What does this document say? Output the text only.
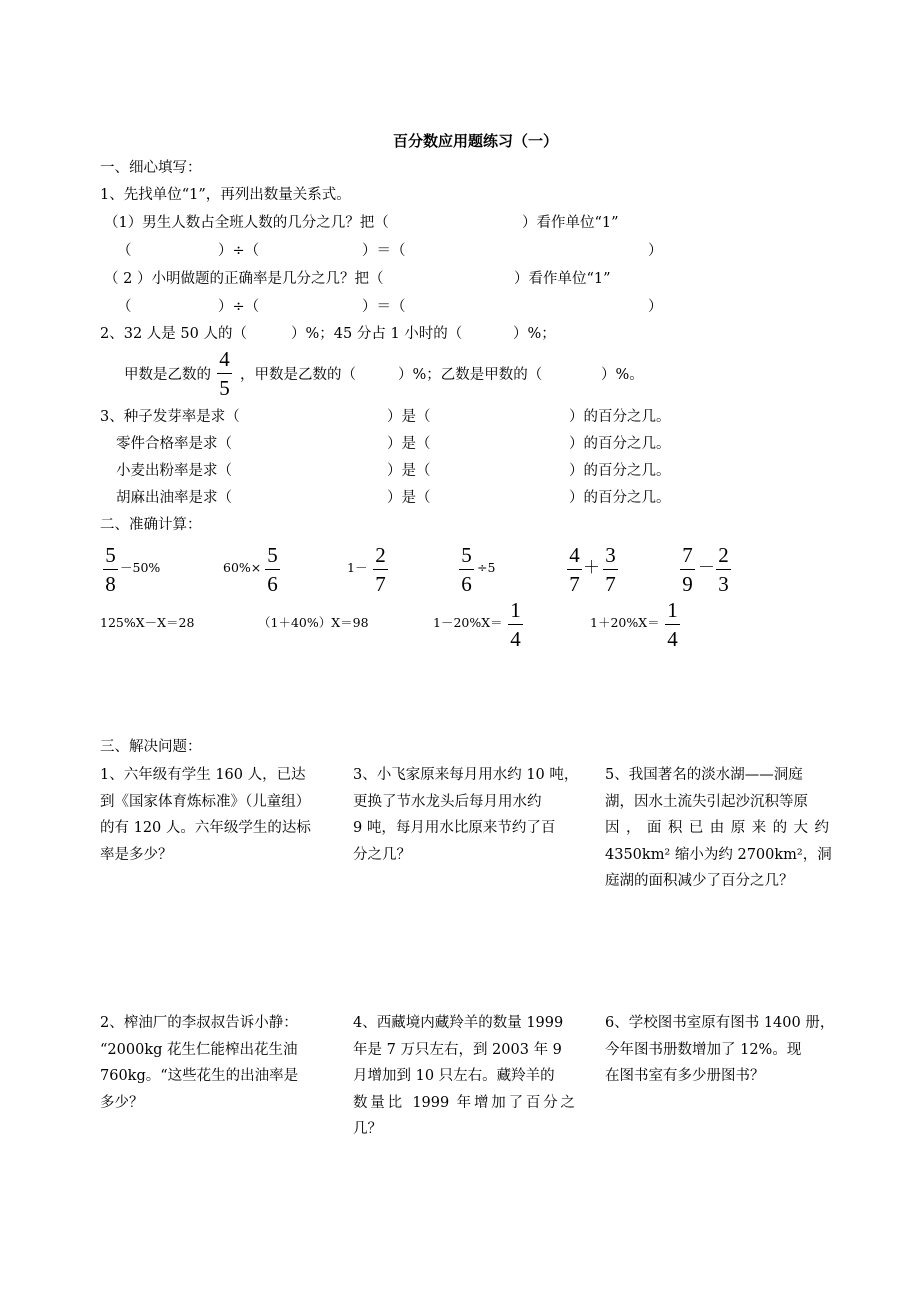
百分数应用题练习（一）
一、细心填写：
1、先找单位“1”，再列出数量关系式。
（1）男生人数占全班人数的几分之几？把（	）看作单位“1”
（	）÷（	）＝（	）
（ 2 ）小明做题的正确率是几分之几？把（	）看作单位“1”
（	）÷（	）＝（	）
2、32 人是 50 人的（	）%；45 分占 1 小时的（	）%；
甲数是乙数的
4
5
，甲数是乙数的（	）%；乙数是甲数的（	）%。
3、种子发芽率是求（	）是（	）的百分之几。
零件合格率是求（	）是（	）的百分之几。
小麦出粉率是求（	）是（	）的百分之几。
胡麻出油率是求（	）是（	）的百分之几。
二、准确计算：
5
8
－50%	60%×
5
6
1－
2
7
5
6
÷5
4
7
＋
3
7
7
9
－
2
3
125%X－X＝28	（1＋40%）X＝98	1－20%X＝
1
4
1＋20%X＝
1
4
三、解决问题：
1、六年级有学生 160 人，已达
到《国家体育炼标准》（儿童组）
的有 120 人。六年级学生的达标
率是多少？
3、小飞家原来每月用水约 10 吨，
更换了节水龙头后每月用水约
9 吨，每月用水比原来节约了百
分之几？
5、我国著名的淡水湖——洞庭
湖，因水土流失引起沙沉积等原
因，面积已由原来的大约
4350km² 缩小为约 2700km²，洞
庭湖的面积减少了百分之几？
2、榨油厂的李叔叔告诉小静：
“2000kg 花生仁能榨出花生油
760kg。“这些花生的出油率是
多少？
4、西藏境内藏羚羊的数量 1999
年是 7 万只左右，到 2003 年 9
月增加到 10 只左右。藏羚羊的
数量比 1999 年增加了百分之
几？
6、学校图书室原有图书 1400 册，
今年图书册数增加了 12%。现
在图书室有多少册图书？
